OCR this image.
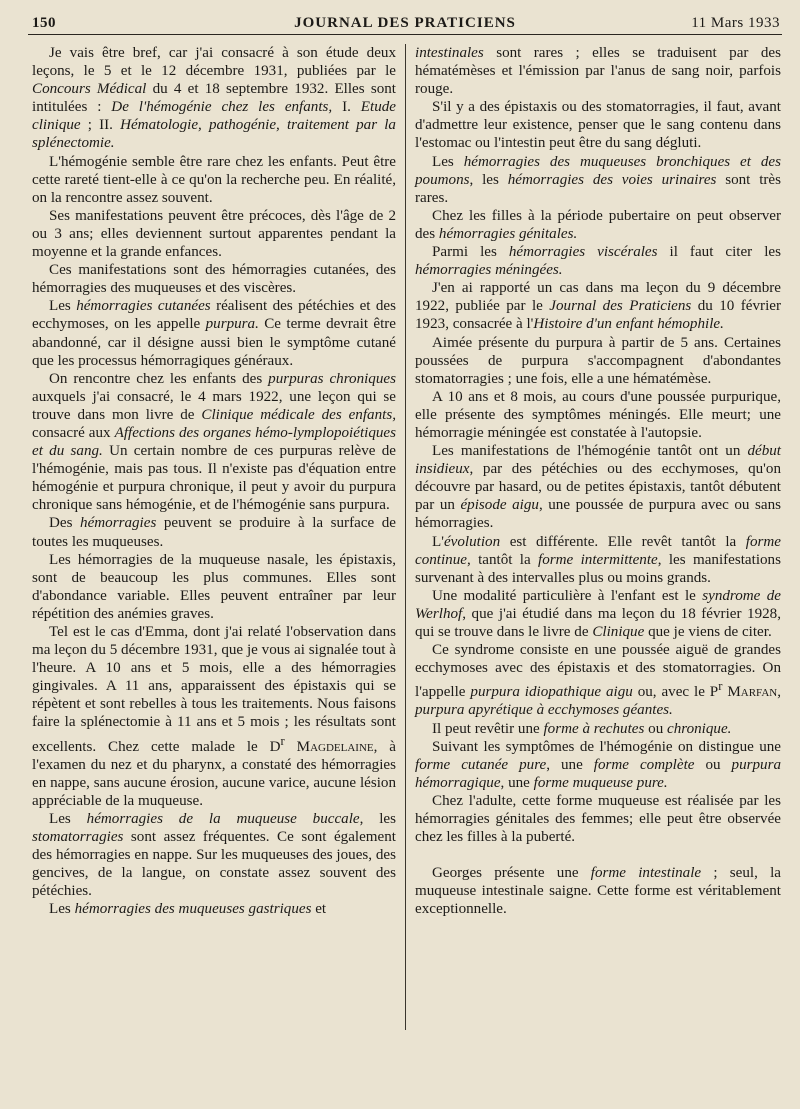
150	JOURNAL DES PRATICIENS	11 Mars 1933

Je vais être bref, car j'ai consacré à son étude deux leçons, le 5 et le 12 décembre 1931, publiées par le Concours Médical du 4 et 18 septembre 1932. Elles sont intitulées : De l'hémogénie chez les enfants, I. Etude clinique ; II. Hématologie, pathogénie, traitement par la splénectomie.

L'hémogénie semble être rare chez les enfants. Peut être cette rareté tient-elle à ce qu'on la recherche peu. En réalité, on la rencontre assez souvent.

Ses manifestations peuvent être précoces, dès l'âge de 2 ou 3 ans; elles deviennent surtout apparentes pendant la moyenne et la grande enfances.

Ces manifestations sont des hémorragies cutanées, des hémorragies des muqueuses et des viscères.

Les hémorragies cutanées réalisent des pétéchies et des ecchymoses, on les appelle purpura. Ce terme devrait être abandonné, car il désigne aussi bien le symptôme cutané que les processus hémorragiques généraux.

On rencontre chez les enfants des purpuras chroniques auxquels j'ai consacré, le 4 mars 1922, une leçon qui se trouve dans mon livre de Clinique médicale des enfants, consacré aux Affections des organes hémo-lymplopoiétiques et du sang. Un certain nombre de ces purpuras relève de l'hémogénie, mais pas tous. Il n'existe pas d'équation entre hémogénie et purpura chronique, il peut y avoir du purpura chronique sans hémogénie, et de l'hémogénie sans purpura.

Des hémorragies peuvent se produire à la surface de toutes les muqueuses.

Les hémorragies de la muqueuse nasale, les épistaxis, sont de beaucoup les plus communes. Elles sont d'abondance variable. Elles peuvent entraîner par leur répétition des anémies graves.

Tel est le cas d'Emma, dont j'ai relaté l'observation dans ma leçon du 5 décembre 1931, que je vous ai signalée tout à l'heure. A 10 ans et 5 mois, elle a des hémorragies gingivales. A 11 ans, apparaissent des épistaxis qui se répètent et sont rebelles à tous les traitements. Nous faisons faire la splénectomie à 11 ans et 5 mois ; les résultats sont excellents. Chez cette malade le $D^r$ Magdelaine, à l'examen du nez et du pharynx, a constaté des hémorragies en nappe, sans aucune érosion, aucune varice, aucune lésion appréciable de la muqueuse.

Les hémorragies de la muqueuse buccale, les stomatorragies sont assez fréquentes. Ce sont également des hémorragies en nappe. Sur les muqueuses des joues, des gencives, de la langue, on constate assez souvent des pétéchies.

Les hémorragies des muqueuses gastriques et

intestinales sont rares ; elles se traduisent par des hématémèses et l'émission par l'anus de sang noir, parfois rouge.

S'il y a des épistaxis ou des stomatorragies, il faut, avant d'admettre leur existence, penser que le sang contenu dans l'estomac ou l'intestin peut être du sang dégluti.

Les hémorragies des muqueuses bronchiques et des poumons, les hémorragies des voies urinaires sont très rares.

Chez les filles à la période pubertaire on peut observer des hémorragies génitales.

Parmi les hémorragies viscérales il faut citer les hémorragies méningées.

J'en ai rapporté un cas dans ma leçon du 9 décembre 1922, publiée par le Journal des Praticiens du 10 février 1923, consacrée à l'Histoire d'un enfant hémophile.

Aimée présente du purpura à partir de 5 ans. Certaines poussées de purpura s'accompagnent d'abondantes stomatorragies ; une fois, elle a une hématémèse.

A 10 ans et 8 mois, au cours d'une poussée purpurique, elle présente des symptômes méningés. Elle meurt; une hémorragie méningée est constatée à l'autopsie.

Les manifestations de l'hémogénie tantôt ont un début insidieux, par des pétéchies ou des ecchymoses, qu'on découvre par hasard, ou de petites épistaxis, tantôt débutent par un épisode aigu, une poussée de purpura avec ou sans hémorragies.

L'évolution est différente. Elle revêt tantôt la forme continue, tantôt la forme intermittente, les manifestations survenant à des intervalles plus ou moins grands.

Une modalité particulière à l'enfant est le syndrome de Werlhof, que j'ai étudié dans ma leçon du 18 février 1928, qui se trouve dans le livre de Clinique que je viens de citer.

Ce syndrome consiste en une poussée aiguë de grandes ecchymoses avec des épistaxis et des stomatorragies. On l'appelle purpura idiopathique aigu ou, avec le $P^r$ Marfan, purpura apyrétique à ecchymoses géantes.

Il peut revêtir une forme à rechutes ou chronique.

Suivant les symptômes de l'hémogénie on distingue une forme cutanée pure, une forme complète ou purpura hémorragique, une forme muqueuse pure.

Chez l'adulte, cette forme muqueuse est réalisée par les hémorragies génitales des femmes; elle peut être observée chez les filles à la puberté.

Georges présente une forme intestinale ; seul, la muqueuse intestinale saigne. Cette forme est véritablement exceptionnelle.
